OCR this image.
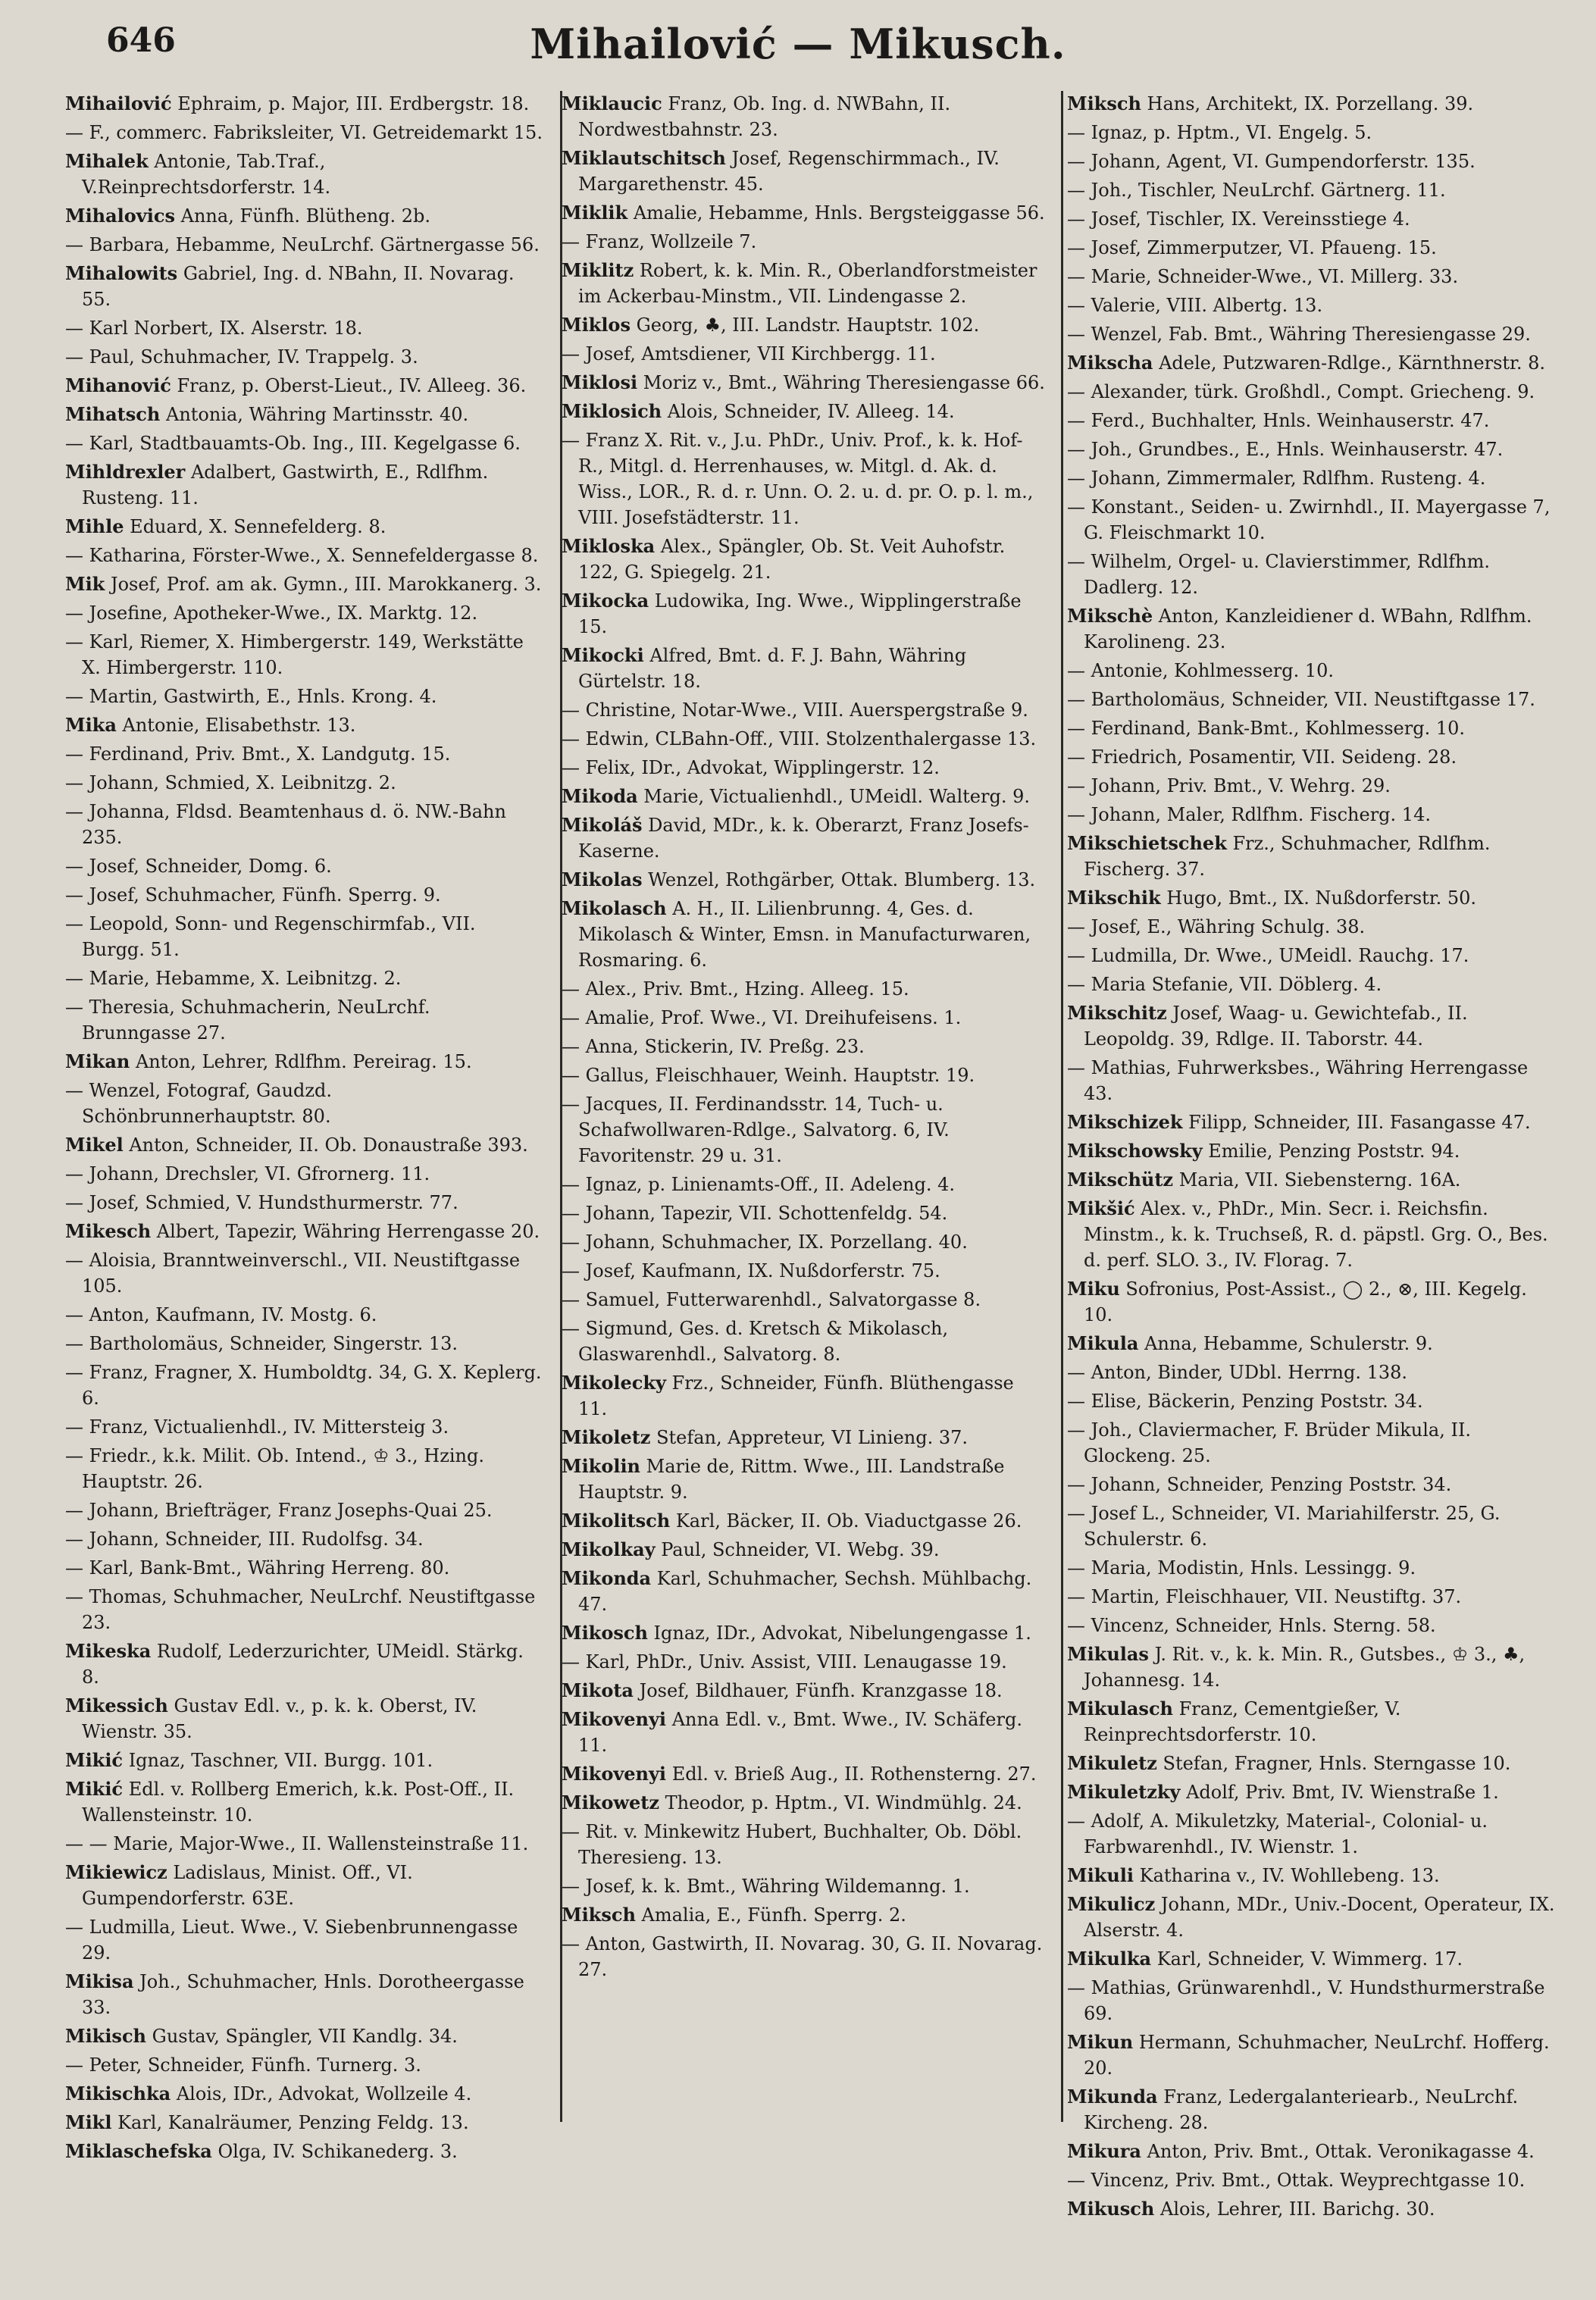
646	Mihailović — Mikusch.

Mihailović Ephraim, p. Major, III. Erdbergstr. 18.

— F., commerc. Fabriksleiter, VI. Getreidemarkt 15.

Mihalek Antonie, Tab.Traf., V.Reinprechtsdorferstr. 14.

Mihalovics Anna, Fünfh. Blütheng. 2b.

— Barbara, Hebamme, NeuLrchf. Gärtnergasse 56.

Mihalowits Gabriel, Ing. d. NBahn, II. Novarag. 55.

— Karl Norbert, IX. Alserstr. 18.

— Paul, Schuhmacher, IV. Trappelg. 3.

Mihanović Franz, p. Oberst-Lieut., IV. Alleeg. 36.

Mihatsch Antonia, Währing Martinsstr. 40.

— Karl, Stadtbauamts-Ob. Ing., III. Kegelgasse 6.

Mihldrexler Adalbert, Gastwirth, E., Rdlfhm. Rusteng. 11.

Mihle Eduard, X. Sennefelderg. 8.

— Katharina, Förster-Wwe., X. Sennefeldergasse 8.

Mik Josef, Prof. am ak. Gymn., III. Marokkanerg. 3.

— Josefine, Apotheker-Wwe., IX. Marktg. 12.

— Karl, Riemer, X. Himbergerstr. 149, Werkstätte X. Himbergerstr. 110.

— Martin, Gastwirth, E., Hnls. Krong. 4.

Mika Antonie, Elisabethstr. 13.

— Ferdinand, Priv. Bmt., X. Landgutg. 15.

— Johann, Schmied, X. Leibnitzg. 2.

— Johanna, Fldsd. Beamtenhaus d. ö. NW.-Bahn 235.

— Josef, Schneider, Domg. 6.

— Josef, Schuhmacher, Fünfh. Sperrg. 9.

— Leopold, Sonn- und Regenschirmfab., VII. Burgg. 51.

— Marie, Hebamme, X. Leibnitzg. 2.

— Theresia, Schuhmacherin, NeuLrchf. Brunngasse 27.

Mikan Anton, Lehrer, Rdlfhm. Pereirag. 15.

— Wenzel, Fotograf, Gaudzd. Schönbrunnerhauptstr. 80.

Mikel Anton, Schneider, II. Ob. Donaustraße 393.

— Johann, Drechsler, VI. Gfrornerg. 11.

— Josef, Schmied, V. Hundsthurmerstr. 77.

Mikesch Albert, Tapezir, Währing Herrengasse 20.

— Aloisia, Branntweinverschl., VII. Neustiftgasse 105.

— Anton, Kaufmann, IV. Mostg. 6.

— Bartholomäus, Schneider, Singerstr. 13.

— Franz, Fragner, X. Humboldtg. 34, G. X. Keplerg. 6.

— Franz, Victualienhdl., IV. Mittersteig 3.

— Friedr., k.k. Milit. Ob. Intend., ♔ 3., Hzing. Hauptstr. 26.

— Johann, Briefträger, Franz Josephs-Quai 25.

— Johann, Schneider, III. Rudolfsg. 34.

— Karl, Bank-Bmt., Währing Herreng. 80.

— Thomas, Schuhmacher, NeuLrchf. Neustiftgasse 23.

Mikeska Rudolf, Lederzurichter, UMeidl. Stärkg. 8.

Mikessich Gustav Edl. v., p. k. k. Oberst, IV. Wienstr. 35.

Mikić Ignaz, Taschner, VII. Burgg. 101.

Mikić Edl. v. Rollberg Emerich, k.k. Post-Off., II. Wallensteinstr. 10.

— — Marie, Major-Wwe., II. Wallensteinstraße 11.

Mikiewicz Ladislaus, Minist. Off., VI. Gumpendorferstr. 63E.

— Ludmilla, Lieut. Wwe., V. Siebenbrunnengasse 29.

Mikisa Joh., Schuhmacher, Hnls. Dorotheergasse 33.

Mikisch Gustav, Spängler, VII Kandlg. 34.

— Peter, Schneider, Fünfh. Turnerg. 3.

Mikischka Alois, IDr., Advokat, Wollzeile 4.

Mikl Karl, Kanalräumer, Penzing Feldg. 13.

Miklaschefska Olga, IV. Schikanederg. 3.

Miklaucic Franz, Ob. Ing. d. NWBahn, II. Nordwestbahnstr. 23.

Miklautschitsch Josef, Regenschirmmach., IV. Margarethenstr. 45.

Miklik Amalie, Hebamme, Hnls. Bergsteiggasse 56.

— Franz, Wollzeile 7.

Miklitz Robert, k. k. Min. R., Oberlandforstmeister im Ackerbau-Minstm., VII. Lindengasse 2.

Miklos Georg, ♣, III. Landstr. Hauptstr. 102.

— Josef, Amtsdiener, VII Kirchbergg. 11.

Miklosi Moriz v., Bmt., Währing Theresiengasse 66.

Miklosich Alois, Schneider, IV. Alleeg. 14.

— Franz X. Rit. v., J.u. PhDr., Univ. Prof., k. k. Hof-R., Mitgl. d. Herrenhauses, w. Mitgl. d. Ak. d. Wiss., LOR., R. d. r. Unn. O. 2. u. d. pr. O. p. l. m., VIII. Josefstädterstr. 11.

Mikloska Alex., Spängler, Ob. St. Veit Auhofstr. 122, G. Spiegelg. 21.

Mikocka Ludowika, Ing. Wwe., Wipplingerstraße 15.

Mikocki Alfred, Bmt. d. F. J. Bahn, Währing Gürtelstr. 18.

— Christine, Notar-Wwe., VIII. Auerspergstraße 9.

— Edwin, CLBahn-Off., VIII. Stolzenthalergasse 13.

— Felix, IDr., Advokat, Wipplingerstr. 12.

Mikoda Marie, Victualienhdl., UMeidl. Walterg. 9.

Mikoláš David, MDr., k. k. Oberarzt, Franz Josefs-Kaserne.

Mikolas Wenzel, Rothgärber, Ottak. Blumberg. 13.

Mikolasch A. H., II. Lilienbrunng. 4, Ges. d. Mikolasch & Winter, Emsn. in Manufacturwaren, Rosmaring. 6.

— Alex., Priv. Bmt., Hzing. Alleeg. 15.

— Amalie, Prof. Wwe., VI. Dreihufeisens. 1.

— Anna, Stickerin, IV. Preßg. 23.

— Gallus, Fleischhauer, Weinh. Hauptstr. 19.

— Jacques, II. Ferdinandsstr. 14, Tuch- u. Schafwollwaren-Rdlge., Salvatorg. 6, IV. Favoritenstr. 29 u. 31.

— Ignaz, p. Linienamts-Off., II. Adeleng. 4.

— Johann, Tapezir, VII. Schottenfeldg. 54.

— Johann, Schuhmacher, IX. Porzellang. 40.

— Josef, Kaufmann, IX. Nußdorferstr. 75.

— Samuel, Futterwarenhdl., Salvatorgasse 8.

— Sigmund, Ges. d. Kretsch & Mikolasch, Glaswarenhdl., Salvatorg. 8.

Mikolecky Frz., Schneider, Fünfh. Blüthengasse 11.

Mikoletz Stefan, Appreteur, VI Linieng. 37.

Mikolin Marie de, Rittm. Wwe., III. Landstraße Hauptstr. 9.

Mikolitsch Karl, Bäcker, II. Ob. Viaductgasse 26.

Mikolkay Paul, Schneider, VI. Webg. 39.

Mikonda Karl, Schuhmacher, Sechsh. Mühlbachg. 47.

Mikosch Ignaz, IDr., Advokat, Nibelungengasse 1.

— Karl, PhDr., Univ. Assist, VIII. Lenaugasse 19.

Mikota Josef, Bildhauer, Fünfh. Kranzgasse 18.

Mikovenyi Anna Edl. v., Bmt. Wwe., IV. Schäferg. 11.

Mikovenyi Edl. v. Brieß Aug., II. Rothensterng. 27.

Mikowetz Theodor, p. Hptm., VI. Windmühlg. 24.

— Rit. v. Minkewitz Hubert, Buchhalter, Ob. Döbl. Theresieng. 13.

— Josef, k. k. Bmt., Währing Wildemanng. 1.

Miksch Amalia, E., Fünfh. Sperrg. 2.

— Anton, Gastwirth, II. Novarag. 30, G. II. Novarag. 27.

Miksch Hans, Architekt, IX. Porzellang. 39.

— Ignaz, p. Hptm., VI. Engelg. 5.

— Johann, Agent, VI. Gumpendorferstr. 135.

— Joh., Tischler, NeuLrchf. Gärtnerg. 11.

— Josef, Tischler, IX. Vereinsstiege 4.

— Josef, Zimmerputzer, VI. Pfaueng. 15.

— Marie, Schneider-Wwe., VI. Millerg. 33.

— Valerie, VIII. Albertg. 13.

— Wenzel, Fab. Bmt., Währing Theresiengasse 29.

Mikscha Adele, Putzwaren-Rdlge., Kärnthnerstr. 8.

— Alexander, türk. Großhdl., Compt. Griecheng. 9.

— Ferd., Buchhalter, Hnls. Weinhauserstr. 47.

— Joh., Grundbes., E., Hnls. Weinhauserstr. 47.

— Johann, Zimmermaler, Rdlfhm. Rusteng. 4.

— Konstant., Seiden- u. Zwirnhdl., II. Mayergasse 7, G. Fleischmarkt 10.

— Wilhelm, Orgel- u. Clavierstimmer, Rdlfhm. Dadlerg. 12.

Mikschè Anton, Kanzleidiener d. WBahn, Rdlfhm. Karolineng. 23.

— Antonie, Kohlmesserg. 10.

— Bartholomäus, Schneider, VII. Neustiftgasse 17.

— Ferdinand, Bank-Bmt., Kohlmesserg. 10.

— Friedrich, Posamentir, VII. Seideng. 28.

— Johann, Priv. Bmt., V. Wehrg. 29.

— Johann, Maler, Rdlfhm. Fischerg. 14.

Mikschietschek Frz., Schuhmacher, Rdlfhm. Fischerg. 37.

Mikschik Hugo, Bmt., IX. Nußdorferstr. 50.

— Josef, E., Währing Schulg. 38.

— Ludmilla, Dr. Wwe., UMeidl. Rauchg. 17.

— Maria Stefanie, VII. Döblerg. 4.

Mikschitz Josef, Waag- u. Gewichtefab., II. Leopoldg. 39, Rdlge. II. Taborstr. 44.

— Mathias, Fuhrwerksbes., Währing Herrengasse 43.

Mikschizek Filipp, Schneider, III. Fasangasse 47.

Mikschowsky Emilie, Penzing Poststr. 94.

Mikschütz Maria, VII. Siebensterng. 16A.

Mikšić Alex. v., PhDr., Min. Secr. i. Reichsfin. Minstm., k. k. Truchseß, R. d. päpstl. Grg. O., Bes. d. perf. SLO. 3., IV. Florag. 7.

Miku Sofronius, Post-Assist., ◯ 2., ⊗, III. Kegelg. 10.

Mikula Anna, Hebamme, Schulerstr. 9.

— Anton, Binder, UDbl. Herrng. 138.

— Elise, Bäckerin, Penzing Poststr. 34.

— Joh., Claviermacher, F. Brüder Mikula, II. Glockeng. 25.

— Johann, Schneider, Penzing Poststr. 34.

— Josef L., Schneider, VI. Mariahilferstr. 25, G. Schulerstr. 6.

— Maria, Modistin, Hnls. Lessingg. 9.

— Martin, Fleischhauer, VII. Neustiftg. 37.

— Vincenz, Schneider, Hnls. Sterng. 58.

Mikulas J. Rit. v., k. k. Min. R., Gutsbes., ♔ 3., ♣, Johannesg. 14.

Mikulasch Franz, Cementgießer, V. Reinprechtsdorferstr. 10.

Mikuletz Stefan, Fragner, Hnls. Sterngasse 10.

Mikuletzky Adolf, Priv. Bmt, IV. Wienstraße 1.

— Adolf, A. Mikuletzky, Material-, Colonial- u. Farbwarenhdl., IV. Wienstr. 1.

Mikuli Katharina v., IV. Wohllebeng. 13.

Mikulicz Johann, MDr., Univ.-Docent, Operateur, IX. Alserstr. 4.

Mikulka Karl, Schneider, V. Wimmerg. 17.

— Mathias, Grünwarenhdl., V. Hundsthurmerstraße 69.

Mikun Hermann, Schuhmacher, NeuLrchf. Hofferg. 20.

Mikunda Franz, Ledergalanteriearb., NeuLrchf. Kircheng. 28.

Mikura Anton, Priv. Bmt., Ottak. Veronikagasse 4.

— Vincenz, Priv. Bmt., Ottak. Weyprechtgasse 10.

Mikusch Alois, Lehrer, III. Barichg. 30.
